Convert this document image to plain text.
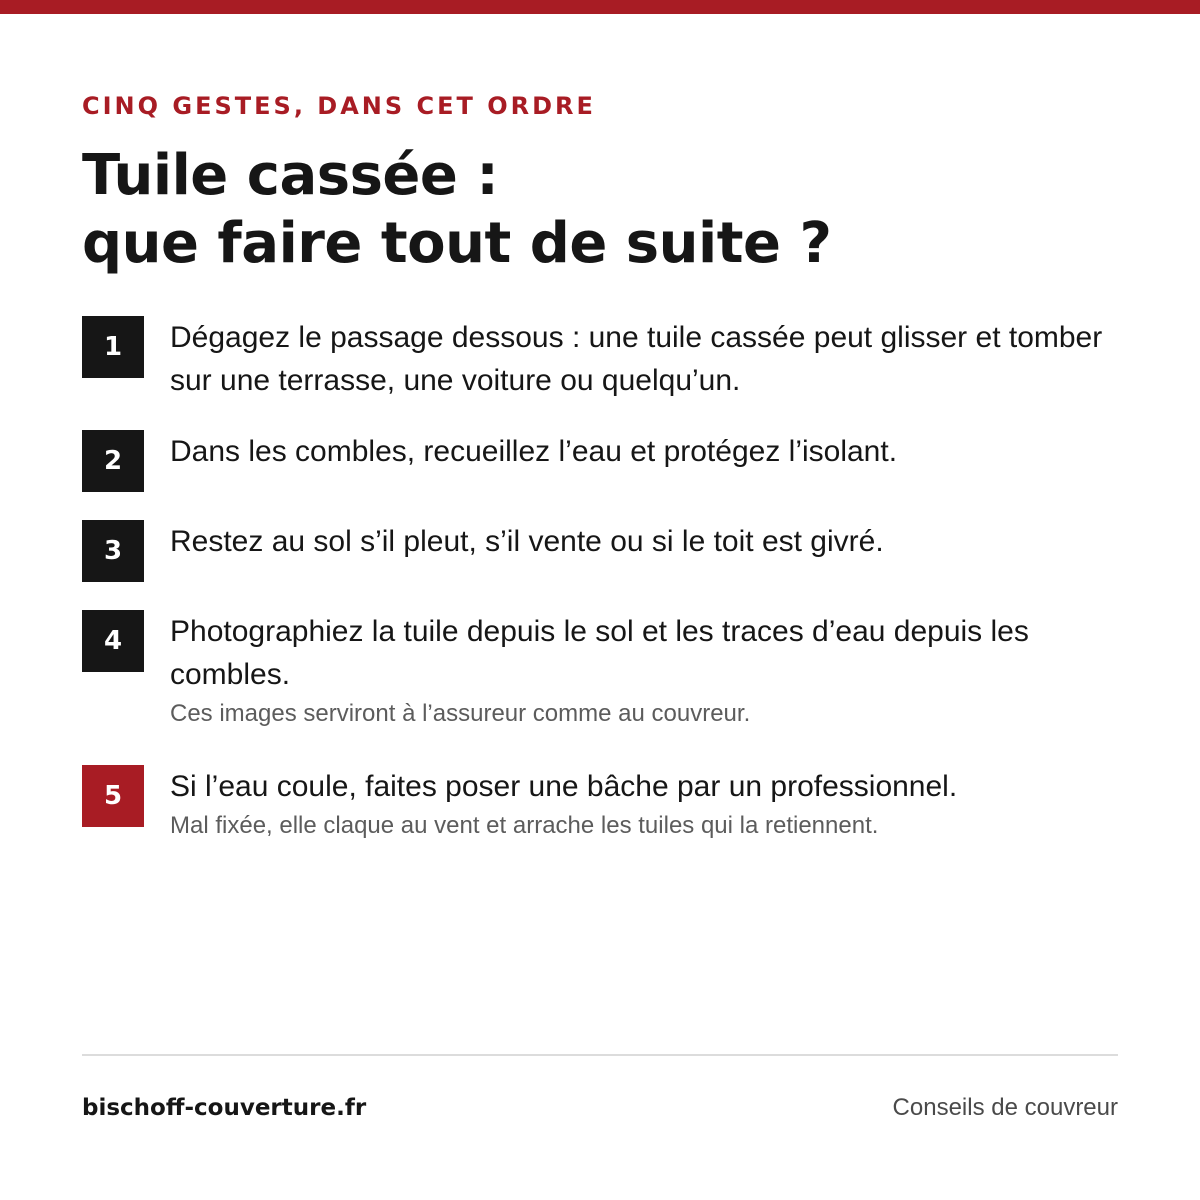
CINQ GESTES, DANS CET ORDRE
Tuile cassée :
que faire tout de suite ?
1	Dégagez le passage dessous : une tuile cassée peut glisser et tomber sur une terrasse, une voiture ou quelqu’un.
2	Dans les combles, recueillez l’eau et protégez l’isolant.
3	Restez au sol s’il pleut, s’il vente ou si le toit est givré.
4	Photographiez la tuile depuis le sol et les traces d’eau depuis les combles.
Ces images serviront à l’assureur comme au couvreur.
5	Si l’eau coule, faites poser une bâche par un professionnel.
Mal fixée, elle claque au vent et arrache les tuiles qui la retiennent.
bischoff-couverture.fr	Conseils de couvreur
